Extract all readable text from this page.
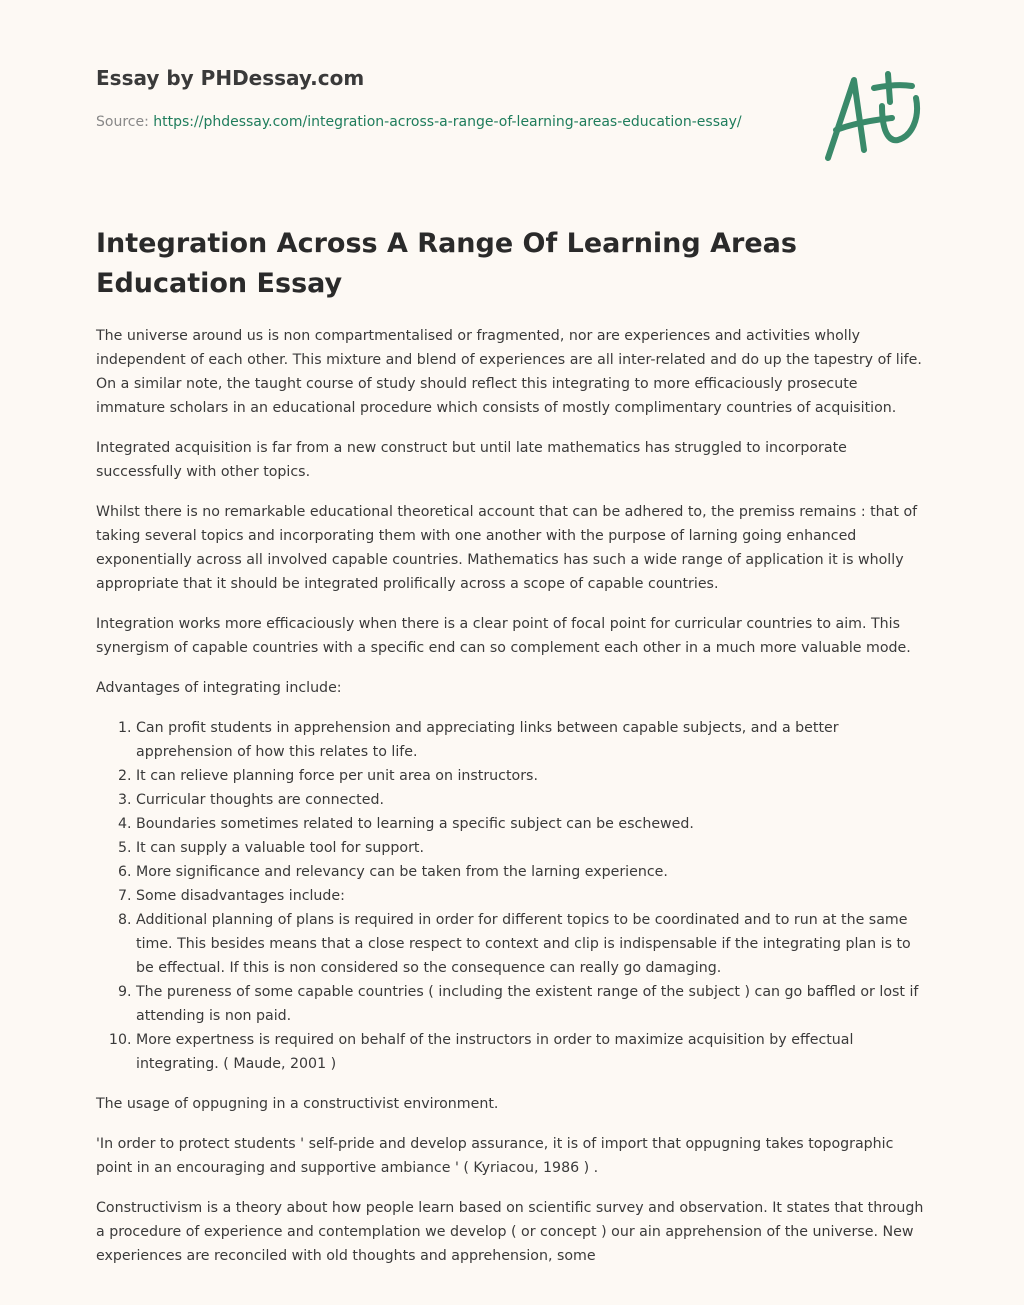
Essay by PHDessay.com
Source: https://phdessay.com/integration-across-a-range-of-learning-areas-education-essay/
Integration Across A Range Of Learning Areas Education Essay

The universe around us is non compartmentalised or fragmented, nor are experiences and activities wholly independent of each other. This mixture and blend of experiences are all inter-related and do up the tapestry of life. On a similar note, the taught course of study should reflect this integrating to more efficaciously prosecute immature scholars in an educational procedure which consists of mostly complimentary countries of acquisition.

Integrated acquisition is far from a new construct but until late mathematics has struggled to incorporate successfully with other topics.

Whilst there is no remarkable educational theoretical account that can be adhered to, the premiss remains : that of taking several topics and incorporating them with one another with the purpose of larning going enhanced exponentially across all involved capable countries. Mathematics has such a wide range of application it is wholly appropriate that it should be integrated prolifically across a scope of capable countries.

Integration works more efficaciously when there is a clear point of focal point for curricular countries to aim. This synergism of capable countries with a specific end can so complement each other in a much more valuable mode.

Advantages of integrating include:

1. Can profit students in apprehension and appreciating links between capable subjects, and a better apprehension of how this relates to life.
2. It can relieve planning force per unit area on instructors.
3. Curricular thoughts are connected.
4. Boundaries sometimes related to learning a specific subject can be eschewed.
5. It can supply a valuable tool for support.
6. More significance and relevancy can be taken from the larning experience.
7. Some disadvantages include:
8. Additional planning of plans is required in order for different topics to be coordinated and to run at the same time. This besides means that a close respect to context and clip is indispensable if the integrating plan is to be effectual. If this is non considered so the consequence can really go damaging.
9. The pureness of some capable countries ( including the existent range of the subject ) can go baffled or lost if attending is non paid.
10. More expertness is required on behalf of the instructors in order to maximize acquisition by effectual integrating. ( Maude, 2001 )

The usage of oppugning in a constructivist environment.

'In order to protect students ' self-pride and develop assurance, it is of import that oppugning takes topographic point in an encouraging and supportive ambiance ' ( Kyriacou, 1986 ) .

Constructivism is a theory about how people learn based on scientific survey and observation. It states that through a procedure of experience and contemplation we develop ( or concept ) our ain apprehension of the universe. New experiences are reconciled with old thoughts and apprehension, some
